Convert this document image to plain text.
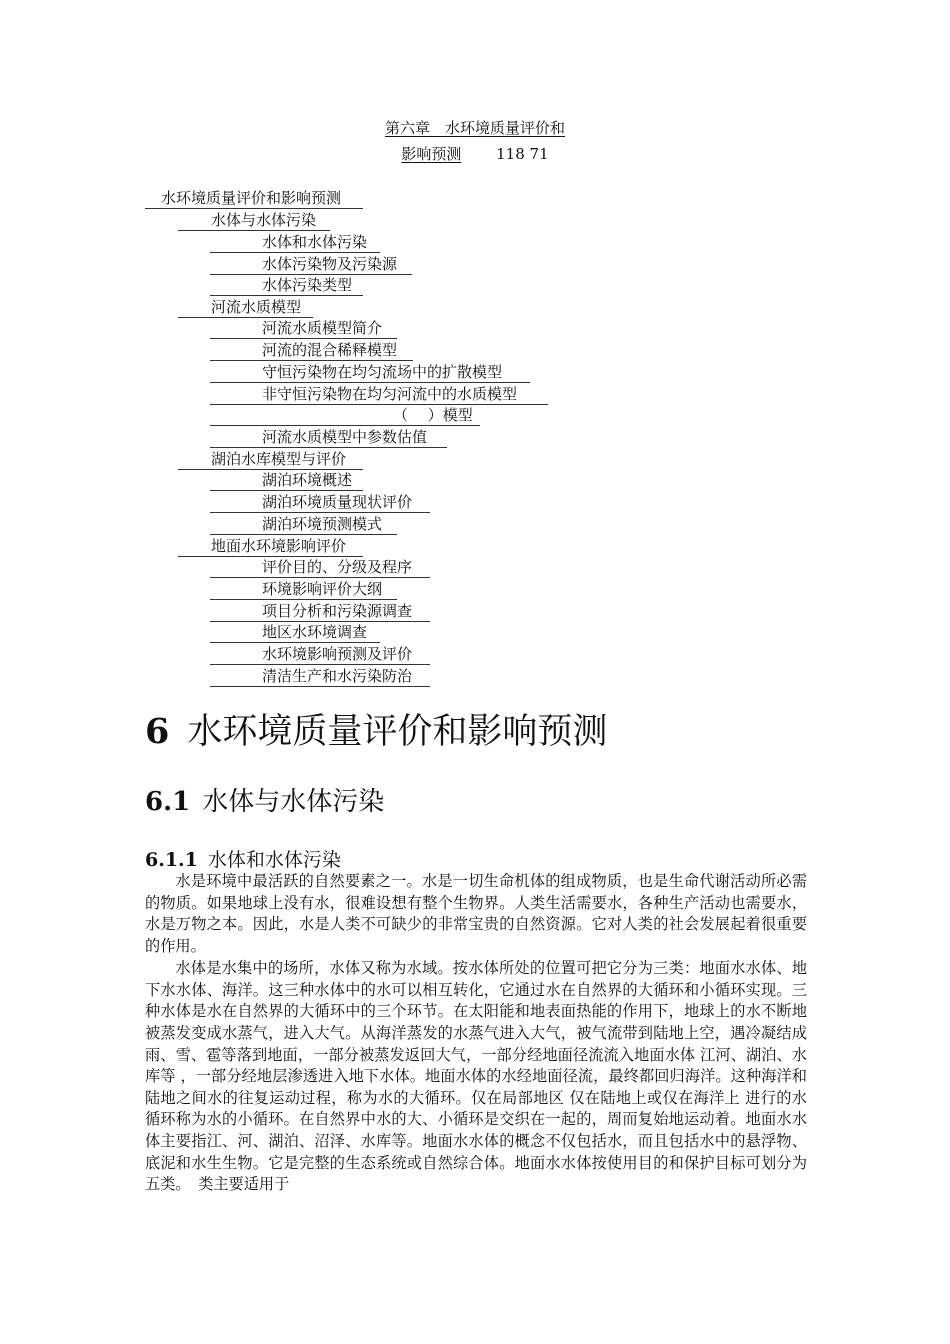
第六章　水环境质量评价和
影响预测 118 71
水环境质量评价和影响预测
水体与水体污染
水体和水体污染
水体污染物及污染源
水体污染类型
河流水质模型
河流水质模型简介
河流的混合稀释模型
守恒污染物在均匀流场中的扩散模型
非守恒污染物在均匀河流中的水质模型
（　 ）模型
河流水质模型中参数估值
湖泊水库模型与评价
湖泊环境概述
湖泊环境质量现状评价
湖泊环境预测模式
地面水环境影响评价
评价目的、分级及程序
环境影响评价大纲
项目分析和污染源调查
地区水环境调查
水环境影响预测及评价
清洁生产和水污染防治
6 水环境质量评价和影响预测
6.1 水体与水体污染
6.1.1 水体和水体污染

水是环境中最活跃的自然要素之一。水是一切生命机体的组成物质，也是生命代谢活动所必需的物质。如果地球上没有水，很难设想有整个生物界。人类生活需要水，各种生产活动也需要水，水是万物之本。因此，水是人类不可缺少的非常宝贵的自然资源。它对人类的社会发展起着很重要的作用。

水体是水集中的场所，水体又称为水域。按水体所处的位置可把它分为三类：地面水水体、地下水水体、海洋。这三种水体中的水可以相互转化，它通过水在自然界的大循环和小循环实现。三种水体是水在自然界的大循环中的三个环节。在太阳能和地表面热能的作用下，地球上的水不断地被蒸发变成水蒸气，进入大气。从海洋蒸发的水蒸气进入大气，被气流带到陆地上空，遇冷凝结成雨、雪、雹等落到地面，一部分被蒸发返回大气，一部分经地面径流流入地面水体 江河、湖泊、水库等 ，一部分经地层渗透进入地下水体。地面水体的水经地面径流，最终都回归海洋。这种海洋和陆地之间水的往复运动过程，称为水的大循环。仅在局部地区 仅在陆地上或仅在海洋上 进行的水循环称为水的小循环。在自然界中水的大、小循环是交织在一起的，周而复始地运动着。地面水水体主要指江、河、湖泊、沼泽、水库等。地面水水体的概念不仅包括水，而且包括水中的悬浮物、底泥和水生生物。它是完整的生态系统或自然综合体。地面水水体按使用目的和保护目标可划分为五类。　类主要适用于
